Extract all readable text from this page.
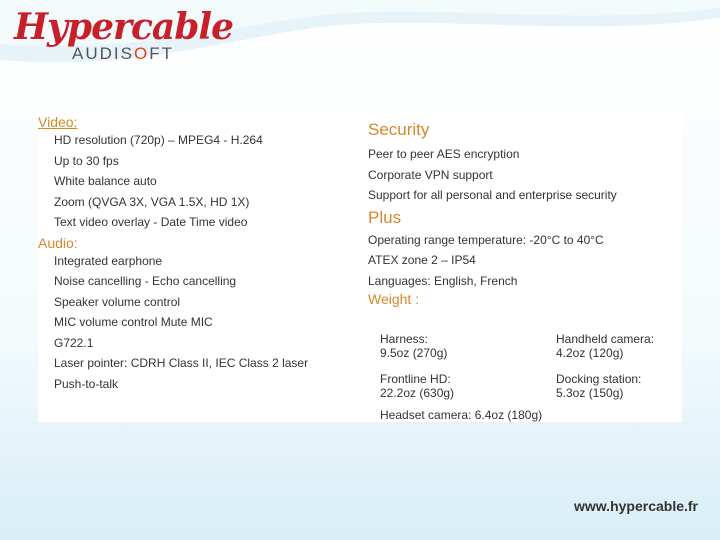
Hypercable
AUDISOFT

Video:

HD resolution (720p) – MPEG4 - H.264

Up to 30 fps

White balance auto

Zoom (QVGA 3X, VGA 1.5X, HD 1X)

Text video overlay - Date Time video

Audio:

Integrated earphone

Noise cancelling - Echo cancelling

Speaker volume control

MIC volume control Mute MIC

G722.1

Laser pointer: CDRH Class II, IEC Class 2 laser

Push-to-talk

Security

Peer to peer AES encryption

Corporate VPN support

Support for all personal and enterprise security

Plus

Operating range temperature: -20°C to 40°C

ATEX zone 2 – IP54

Languages: English, French

Weight :

Harness:
9.5oz (270g)
Handheld camera:
4.2oz (120g)
Frontline HD:
22.2oz (630g)
Docking station:
5.3oz (150g)
Headset camera: 6.4oz (180g)
www.hypercable.fr
